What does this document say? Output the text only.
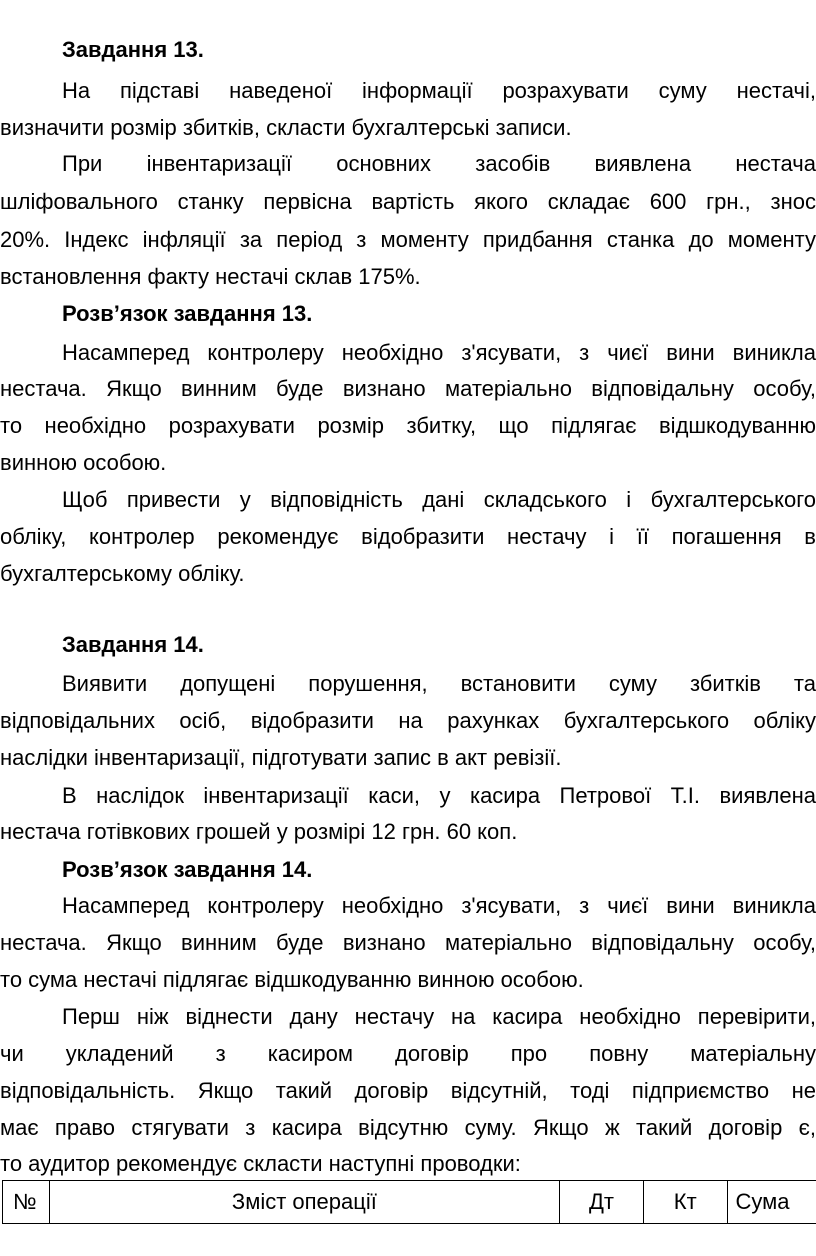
Завдання 13.
На підставі наведеної інформації розрахувати суму нестачі,
визначити розмір збитків, скласти бухгалтерські записи.
При інвентаризації основних засобів виявлена нестача
шліфовального станку первісна вартість якого складає 600 грн., знос
20%. Індекс інфляції за період з моменту придбання станка до моменту
встановлення факту нестачі склав 175%.
Розв’язок завдання 13.
Насамперед контролеру необхідно з'ясувати, з чиєї вини виникла
нестача. Якщо винним буде визнано матеріально відповідальну особу,
то необхідно розрахувати розмір збитку, що підлягає відшкодуванню
винною особою.
Щоб привести у відповідність дані складського і бухгалтерського
обліку, контролер рекомендує відобразити нестачу і її погашення в
бухгалтерському обліку.
Завдання 14.
Виявити допущені порушення, встановити суму збитків та
відповідальних осіб, відобразити на рахунках бухгалтерського обліку
наслідки інвентаризації, підготувати запис в акт ревізії.
В наслідок інвентаризації каси, у касира Петрової Т.І. виявлена
нестача готівкових грошей у розмірі 12 грн. 60 коп.
Розв’язок завдання 14.
Насамперед контролеру необхідно з'ясувати, з чиєї вини виникла
нестача. Якщо винним буде визнано матеріально відповідальну особу,
то сума нестачі підлягає відшкодуванню винною особою.
Перш ніж віднести дану нестачу на касира необхідно перевірити,
чи укладений з касиром договір про повну матеріальну
відповідальність. Якщо такий договір відсутній, тоді підприємство не
має право стягувати з касира відсутню суму. Якщо ж такий договір є,
то аудитор рекомендує скласти наступні проводки:
№	Зміст операції	Дт	Кт	Сума
